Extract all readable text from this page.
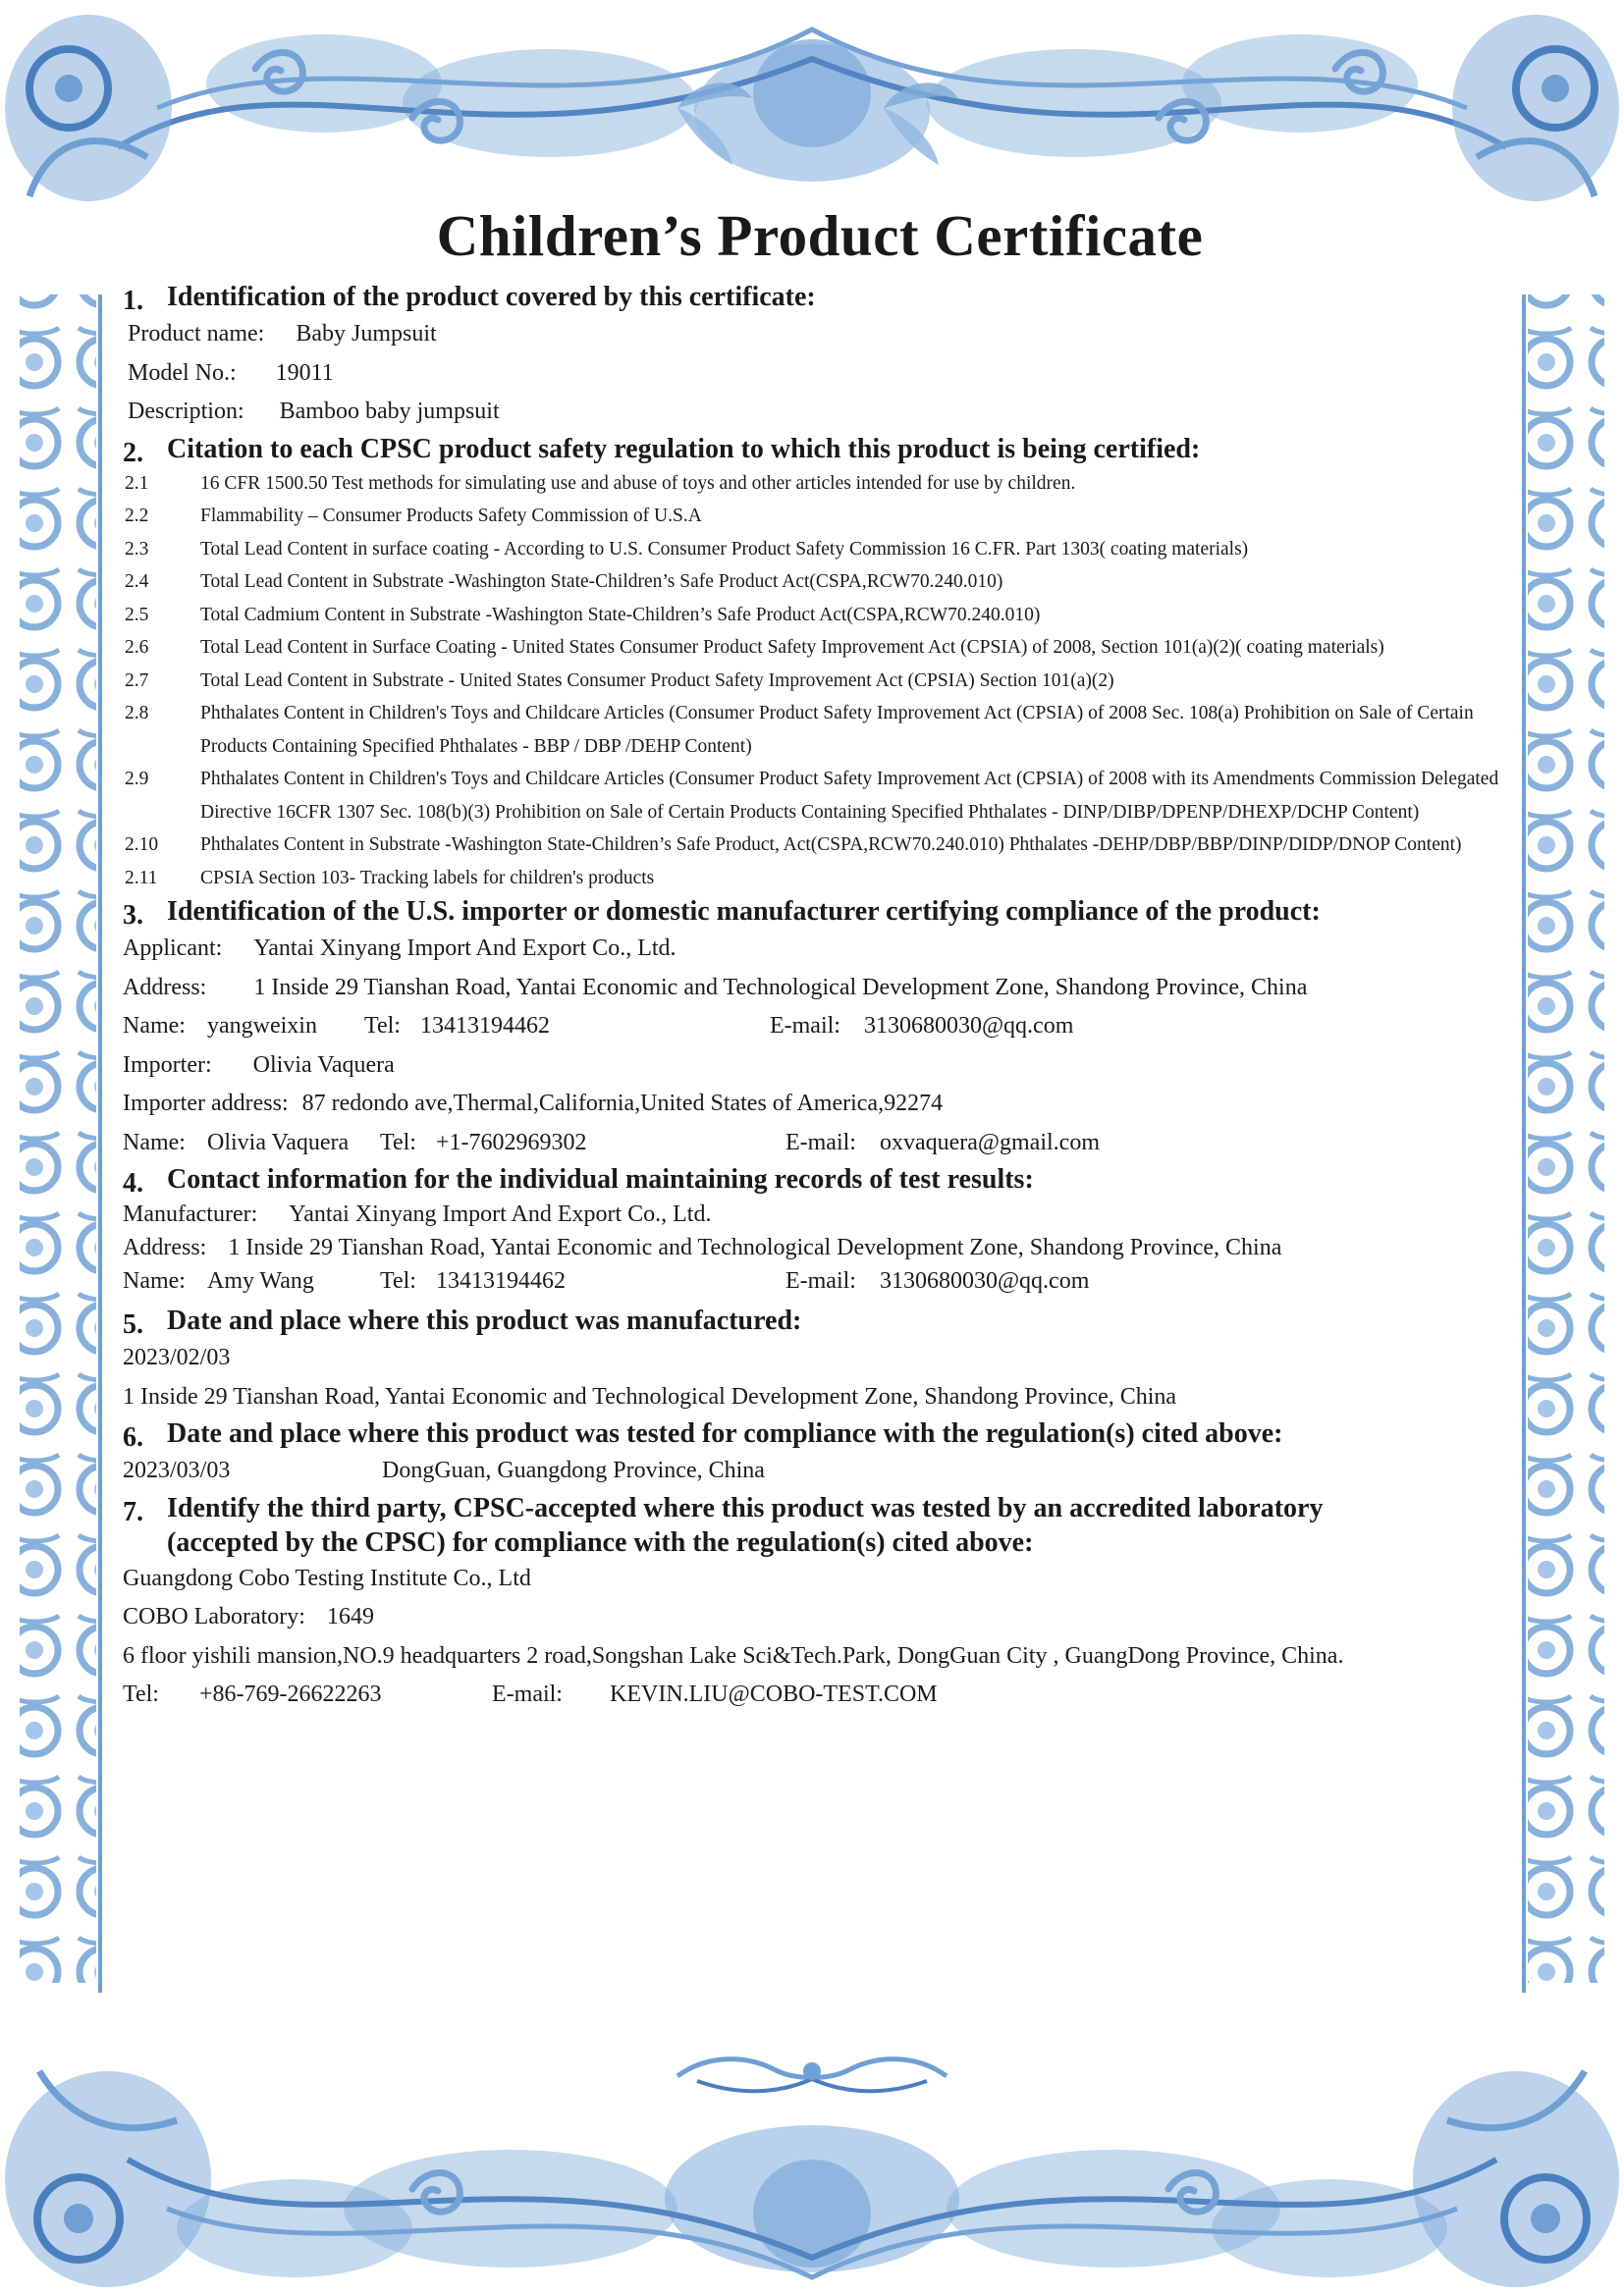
Children’s Product Certificate
1. Identification of the product covered by this certificate:
Product name: Baby Jumpsuit
Model No.: 19011
Description: Bamboo baby jumpsuit
2. Citation to each CPSC product safety regulation to which this product is being certified:
2.1	16 CFR 1500.50 Test methods for simulating use and abuse of toys and other articles intended for use by children.
2.2	Flammability – Consumer Products Safety Commission of U.S.A
2.3	Total Lead Content in surface coating - According to U.S. Consumer Product Safety Commission 16 C.FR. Part 1303( coating materials)
2.4	Total Lead Content in Substrate -Washington State-Children’s Safe Product Act(CSPA,RCW70.240.010)
2.5	Total Cadmium Content in Substrate -Washington State-Children’s Safe Product Act(CSPA,RCW70.240.010)
2.6	Total Lead Content in Surface Coating - United States Consumer Product Safety Improvement Act (CPSIA) of 2008, Section 101(a)(2)( coating materials)
2.7	Total Lead Content in Substrate - United States Consumer Product Safety Improvement Act (CPSIA) Section 101(a)(2)
2.8	Phthalates Content in Children's Toys and Childcare Articles (Consumer Product Safety Improvement Act (CPSIA) of 2008 Sec. 108(a) Prohibition on Sale of Certain Products Containing Specified Phthalates - BBP / DBP /DEHP Content)
2.9	Phthalates Content in Children's Toys and Childcare Articles (Consumer Product Safety Improvement Act (CPSIA) of 2008 with its Amendments Commission Delegated Directive 16CFR 1307 Sec. 108(b)(3) Prohibition on Sale of Certain Products Containing Specified Phthalates - DINP/DIBP/DPENP/DHEXP/DCHP Content)
2.10	Phthalates Content in Substrate -Washington State-Children’s Safe Product, Act(CSPA,RCW70.240.010) Phthalates -DEHP/DBP/BBP/DINP/DIDP/DNOP Content)
2.11	CPSIA Section 103- Tracking labels for children's products
3. Identification of the U.S. importer or domestic manufacturer certifying compliance of the product:
Applicant: Yantai Xinyang Import And Export Co., Ltd.
Address: 1 Inside 29 Tianshan Road, Yantai Economic and Technological Development Zone, Shandong Province, China
Name: yangweixin Tel: 13413194462	E-mail: 3130680030@qq.com
Importer: Olivia Vaquera
Importer address: 87 redondo ave,Thermal,California,United States of America,92274
Name: Olivia Vaquera Tel: +1-7602969302	E-mail: oxvaquera@gmail.com
4. Contact information for the individual maintaining records of test results:
Manufacturer: Yantai Xinyang Import And Export Co., Ltd.
Address: 1 Inside 29 Tianshan Road, Yantai Economic and Technological Development Zone, Shandong Province, China
Name: Amy Wang	Tel: 13413194462	E-mail: 3130680030@qq.com
5. Date and place where this product was manufactured:
2023/02/03
1 Inside 29 Tianshan Road, Yantai Economic and Technological Development Zone, Shandong Province, China
6. Date and place where this product was tested for compliance with the regulation(s) cited above:
2023/03/03	DongGuan, Guangdong Province, China
7. Identify the third party, CPSC-accepted where this product was tested by an accredited laboratory
(accepted by the CPSC) for compliance with the regulation(s) cited above:
Guangdong Cobo Testing Institute Co., Ltd
COBO Laboratory: 1649
6 floor yishili mansion,NO.9 headquarters 2 road,Songshan Lake Sci&Tech.Park, DongGuan City , GuangDong Province, China.
Tel: +86-769-26622263	E-mail: KEVIN.LIU@COBO-TEST.COM
